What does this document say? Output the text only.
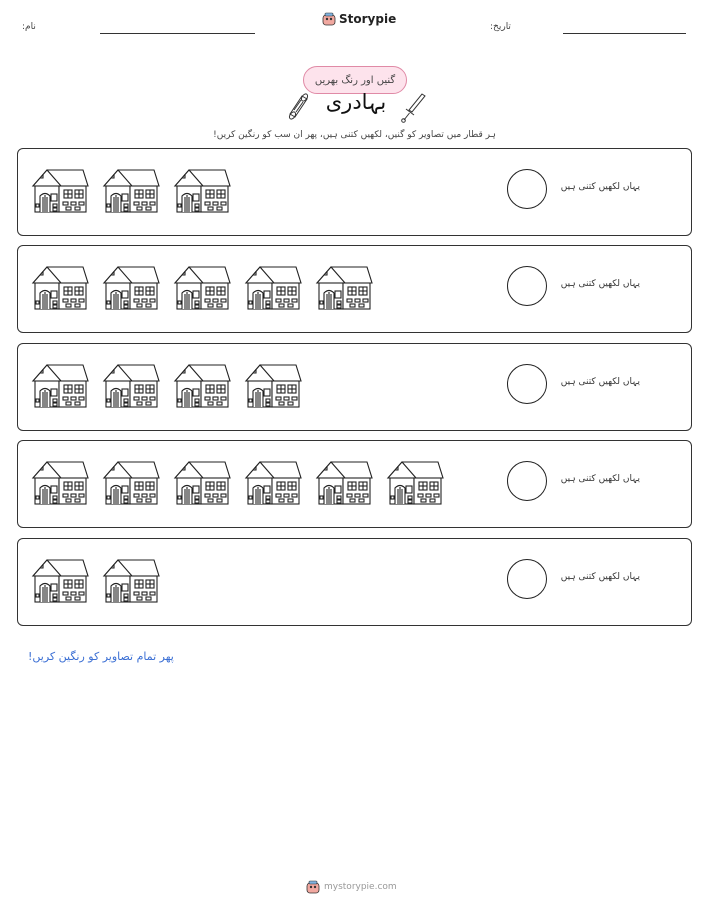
نام:
Storypie
تاریخ:
گنیں اور رنگ بھریں
بہادری
ہر قطار میں تصاویر کو گنیں، لکھیں کتنی ہیں، پھر ان سب کو رنگین کریں!
یہاں لکھیں کتنی ہیں
یہاں لکھیں کتنی ہیں
یہاں لکھیں کتنی ہیں
یہاں لکھیں کتنی ہیں
یہاں لکھیں کتنی ہیں
پھر تمام تصاویر کو رنگین کریں!
mystorypie.com
